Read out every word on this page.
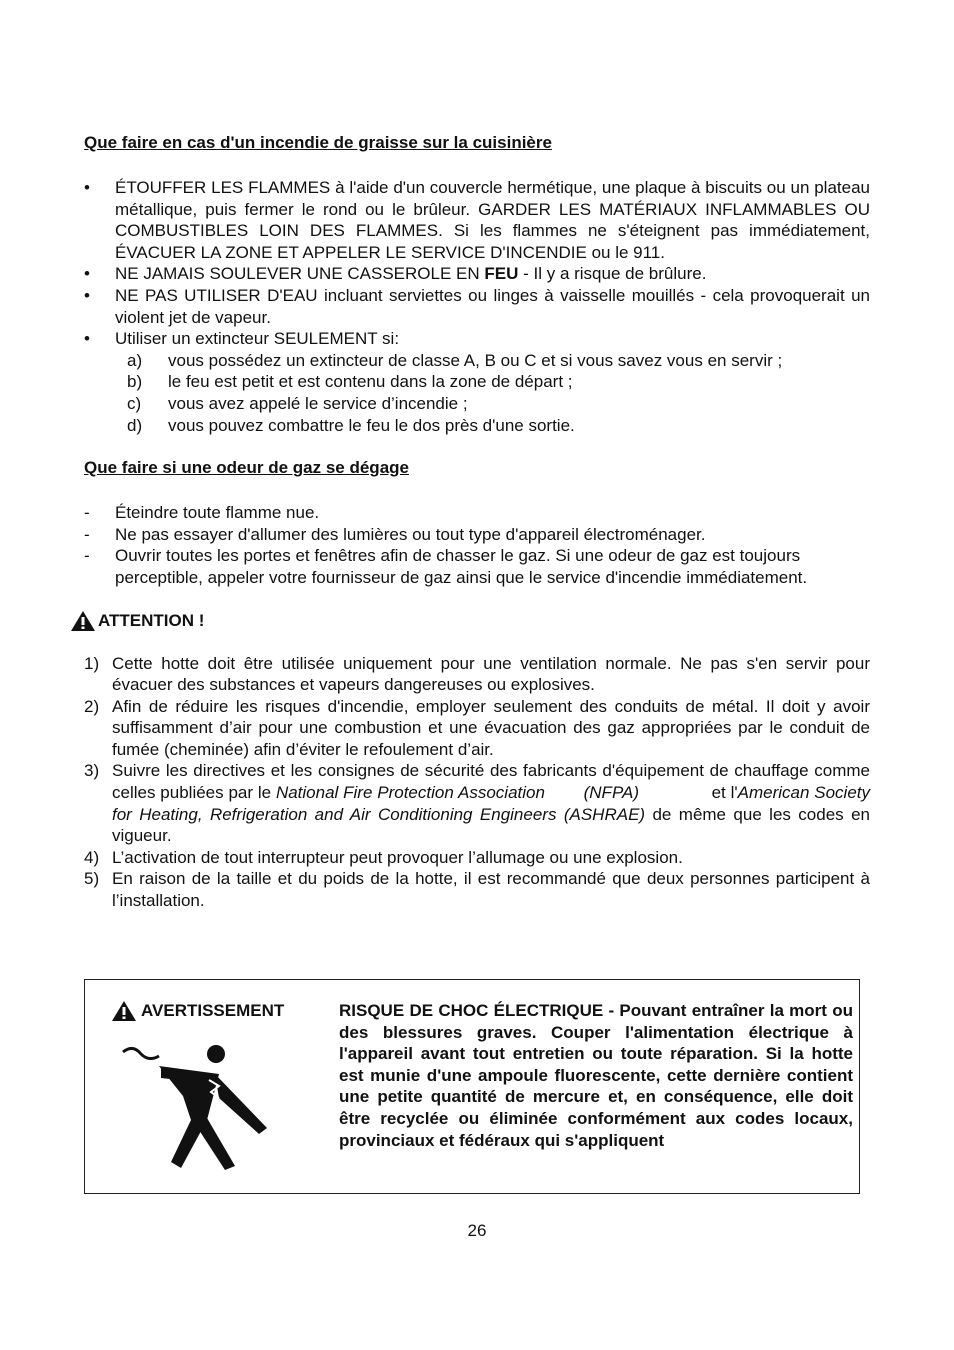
Que faire en cas d'un incendie de graisse sur la cuisinière

• ÉTOUFFER LES FLAMMES à l'aide d'un couvercle hermétique, une plaque à biscuits ou un plateau métallique, puis fermer le rond ou le brûleur. GARDER LES MATÉRIAUX INFLAMMABLES OU COMBUSTIBLES LOIN DES FLAMMES. Si les flammes ne s'éteignent pas immédiatement, ÉVACUER LA ZONE ET APPELER LE SERVICE D'INCENDIE ou le 911.
• NE JAMAIS SOULEVER UNE CASSEROLE EN FEU - Il y a risque de brûlure.
• NE PAS UTILISER D'EAU incluant serviettes ou linges à vaisselle mouillés - cela provoquerait un violent jet de vapeur.
• Utiliser un extincteur SEULEMENT si:
a) vous possédez un extincteur de classe A, B ou C et si vous savez vous en servir ;
b) le feu est petit et est contenu dans la zone de départ ;
c) vous avez appelé le service d’incendie ;
d) vous pouvez combattre le feu le dos près d'une sortie.

Que faire si une odeur de gaz se dégage

- Éteindre toute flamme nue.
- Ne pas essayer d'allumer des lumières ou tout type d'appareil électroménager.
- Ouvrir toutes les portes et fenêtres afin de chasser le gaz. Si une odeur de gaz est toujours perceptible, appeler votre fournisseur de gaz ainsi que le service d'incendie immédiatement.
ATTENTION !
1) Cette hotte doit être utilisée uniquement pour une ventilation normale. Ne pas s'en servir pour évacuer des substances et vapeurs dangereuses ou explosives.
2) Afin de réduire les risques d'incendie, employer seulement des conduits de métal. Il doit y avoir suffisamment d’air pour une combustion et une évacuation des gaz appropriées par le conduit de fumée (cheminée) afin d’éviter le refoulement d’air.
3) Suivre les directives et les consignes de sécurité des fabricants d'équipement de chauffage comme celles publiées par le National Fire Protection Association        (NFPA)               et l'American Society for Heating, Refrigeration and Air Conditioning Engineers (ASHRAE) de même que les codes en vigueur.
4) L’activation de tout interrupteur peut provoquer l’allumage ou une explosion.
5) En raison de la taille et du poids de la hotte, il est recommandé que deux personnes participent à l’installation.
AVERTISSEMENT	RISQUE DE CHOC ÉLECTRIQUE - Pouvant entraîner la mort ou des blessures graves. Couper l'alimentation électrique à l'appareil avant tout entretien ou toute réparation. Si la hotte est munie d'une ampoule fluorescente, cette dernière contient une petite quantité de mercure et, en conséquence, elle doit être recyclée ou éliminée conformément aux codes locaux, provinciaux et fédéraux qui s'appliquent
26
